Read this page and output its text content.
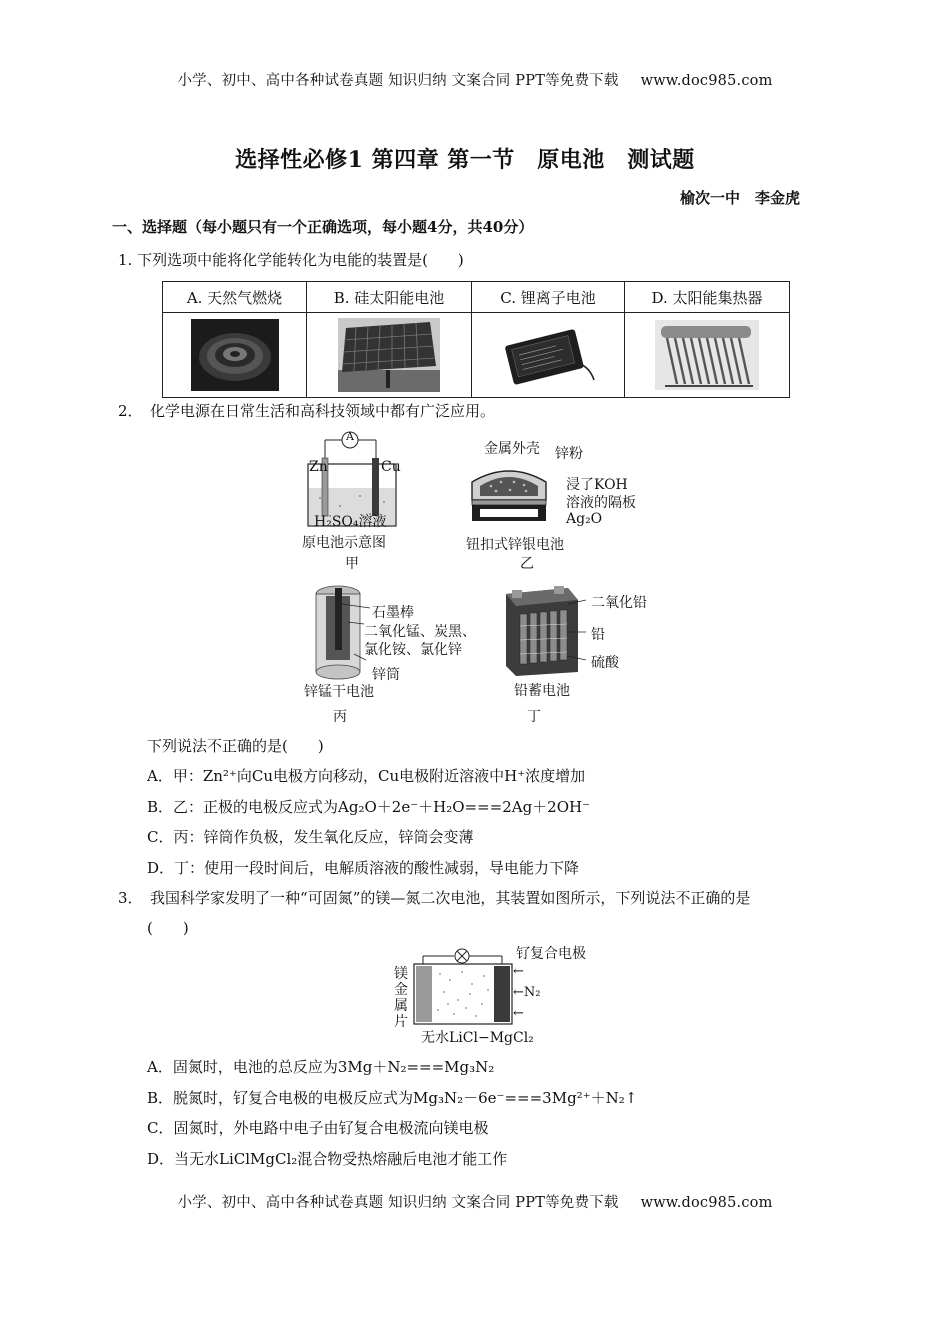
小学、初中、高中各种试卷真题 知识归纳 文案合同 PPT等免费下载 www.doc985.com
选择性必修1 第四章 第一节　原电池　测试题
榆次一中　李金虎
一、选择题（每小题只有一个正确选项，每小题4分，共40分）
1. 下列选项中能将化学能转化为电能的装置是(　　)
A. 天然气燃烧	B. 硅太阳能电池	C. 锂离子电池	D. 太阳能集热器

2．　化学电源在日常生活和高科技领域中都有广泛应用。
A
Zn	Cu
H₂SO₄溶液
原电池示意图
甲
金属外壳 锌粉
浸了KOH
溶液的隔板
Ag₂O
钮扣式锌银电池
乙
石墨棒
二氧化锰、炭黑、
氯化铵、氯化锌
锌筒
锌锰干电池
丙
二氧化铅
铅
硫酸
铅蓄电池
丁
下列说法不正确的是(　　)
A．甲：Zn²⁺向Cu电极方向移动，Cu电极附近溶液中H⁺浓度增加
B．乙：正极的电极反应式为Ag₂O＋2e⁻＋H₂O===2Ag＋2OH⁻
C．丙：锌筒作负极，发生氧化反应，锌筒会变薄
D．丁：使用一段时间后，电解质溶液的酸性减弱，导电能力下降
3．　我国科学家发明了一种“可固氮”的镁—氮二次电池，其装置如图所示，下列说法不正确的是
(　　)
钌复合电极
←
←N₂
←
镁
金
属
片
无水LiCl−MgCl₂
A．固氮时，电池的总反应为3Mg＋N₂===Mg₃N₂
B．脱氮时，钌复合电极的电极反应式为Mg₃N₂－6e⁻===3Mg²⁺＋N₂↑
C．固氮时，外电路中电子由钌复合电极流向镁电极
D．当无水LiClMgCl₂混合物受热熔融后电池才能工作
小学、初中、高中各种试卷真题 知识归纳 文案合同 PPT等免费下载 www.doc985.com
